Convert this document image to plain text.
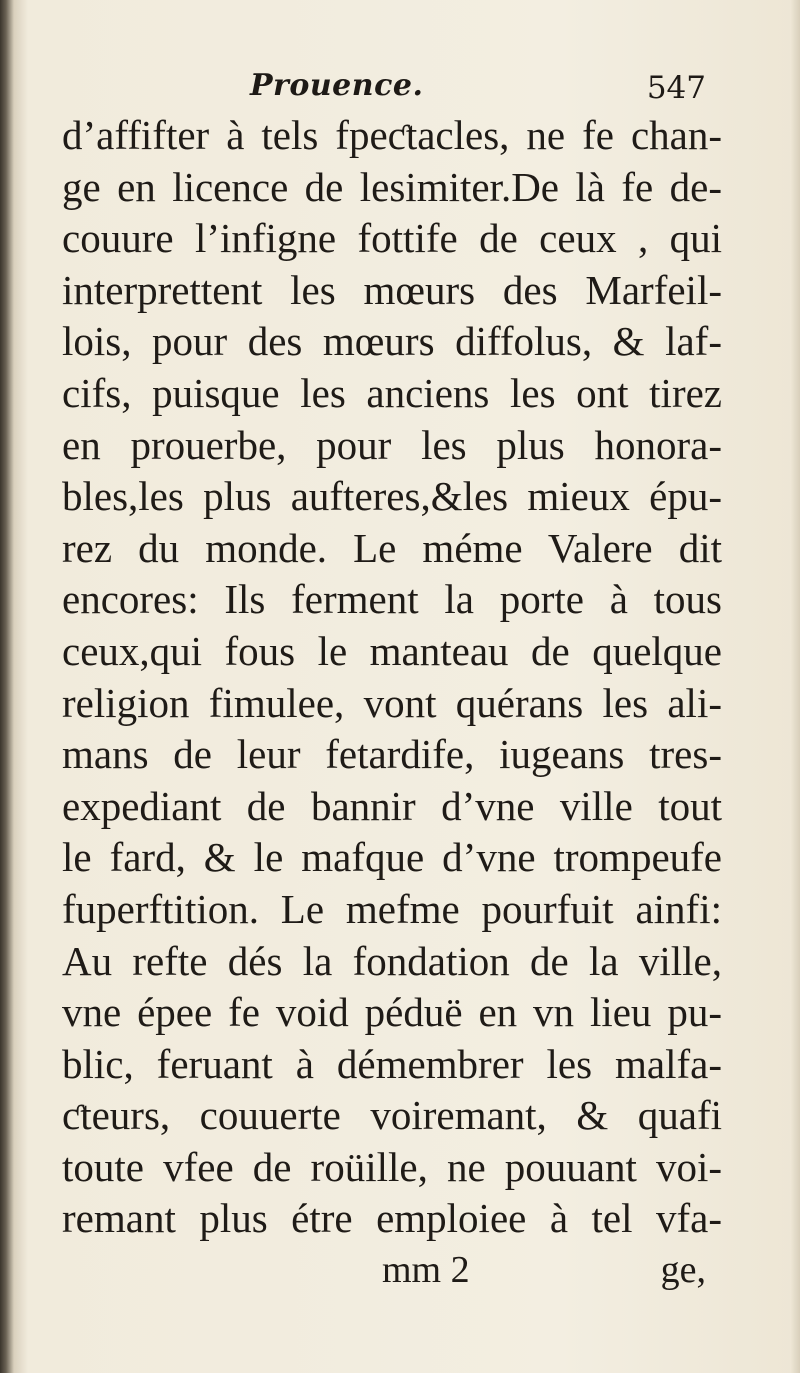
Prouence.	547
d’affifter à tels fpeƈtacles, ne fe chan-
ge en licence de lesimiter.De là fe de-
couure l’infigne fottife de ceux , qui
interprettent les mœurs des Marfeil-
lois, pour des mœurs diffolus, & laf-
cifs, puisque les anciens les ont tirez
en prouerbe, pour les plus honora-
bles,les plus aufteres,&les mieux épu-
rez du monde. Le méme Valere dit
encores: Ils ferment la porte à tous
ceux,qui fous le manteau de quelque
religion fimulee, vont quérans les ali-
mans de leur fetardife, iugeans tres-
expediant de bannir d’vne ville tout
le fard, & le mafque d’vne trompeufe
fuperftition. Le mefme pourfuit ainfi:
Au refte dés la fondation de la ville,
vne épee fe void péduë en vn lieu pu-
blic, feruant à démembrer les malfa-
ƈteurs, couuerte voiremant, & quafi
toute vfee de roüille, ne pouuant voi-
remant plus étre emploiee à tel vfa-
mm 2	ge,
